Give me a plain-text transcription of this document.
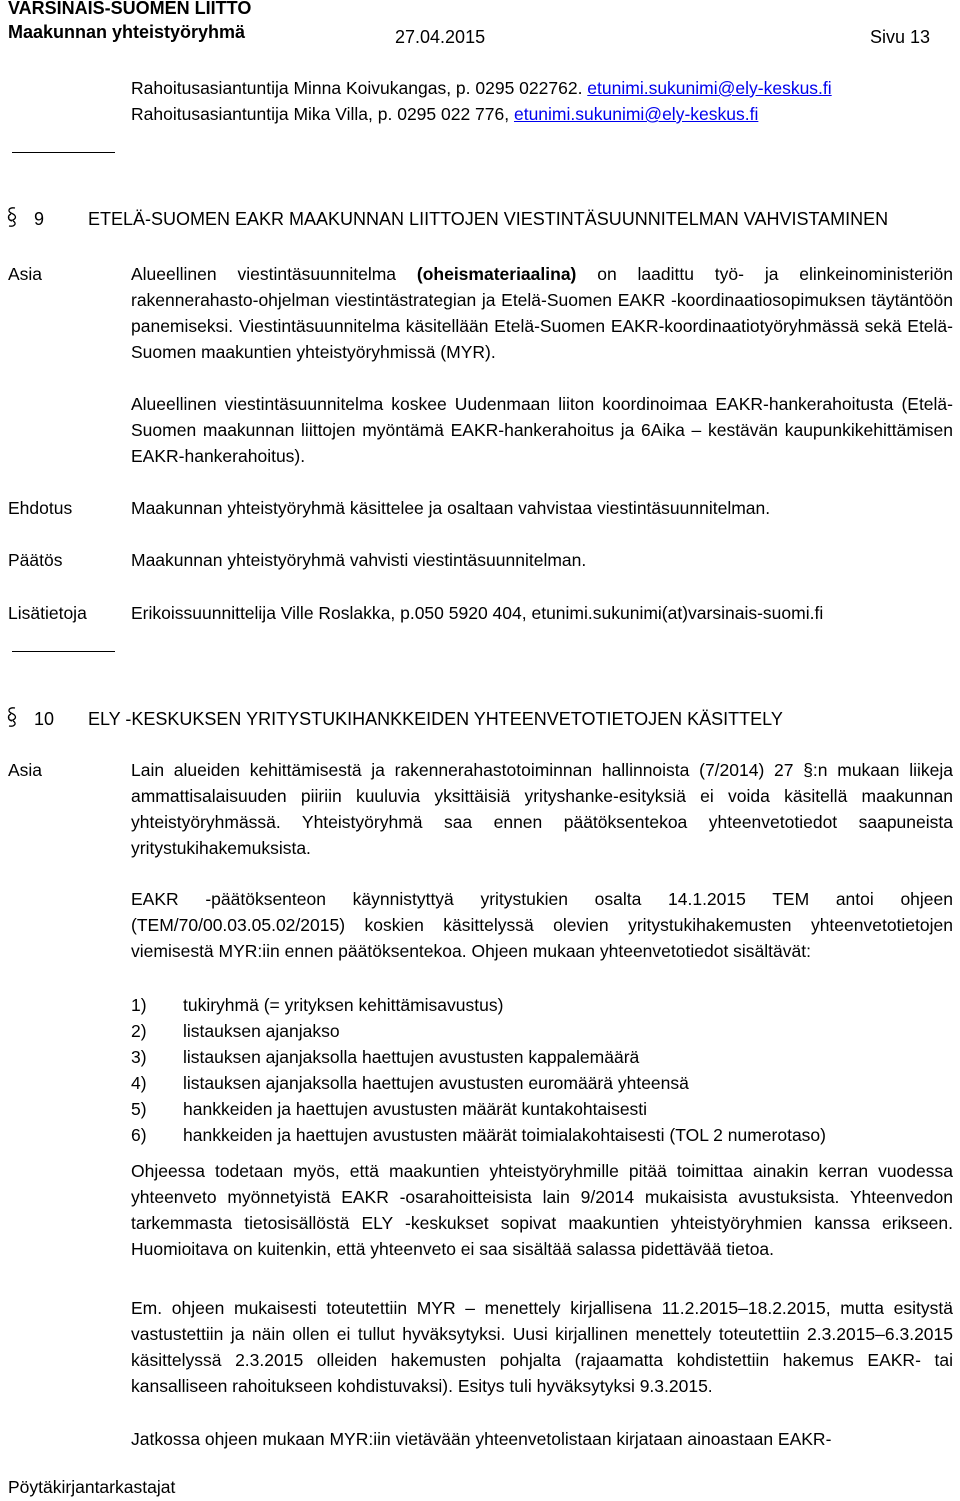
VARSINAIS-SUOMEN LIITTO
Maakunnan yhteistyöryhmä	27.04.2015	Sivu 13
Rahoitusasiantuntija Minna Koivukangas, p. 0295 022762. etunimi.sukunimi@ely-keskus.fi
Rahoitusasiantuntija Mika Villa, p. 0295 022 776, etunimi.sukunimi@ely-keskus.fi
9 ETELÄ-SUOMEN EAKR MAAKUNNAN LIITTOJEN VIESTINTÄSUUNNITELMAN VAHVISTAMINEN
Asia	Alueellinen viestintäsuunnitelma (oheismateriaalina) on laadittu työ- ja elinkeinoministeriön rakennerahasto-ohjelman viestintästrategian ja Etelä-Suomen EAKR -koordinaatiosopimuksen täytäntöön panemiseksi. Viestintäsuunnitelma käsitellään Etelä-Suomen EAKR-koordinaatiotyöryhmässä sekä Etelä-Suomen maakuntien yhteistyöryhmissä (MYR).

Alueellinen viestintäsuunnitelma koskee Uudenmaan liiton koordinoimaa EAKR-hankerahoitusta (Etelä-Suomen maakunnan liittojen myöntämä EAKR-hankerahoitus ja 6Aika – kestävän kaupunkikehittämisen EAKR-hankerahoitus).
Ehdotus	Maakunnan yhteistyöryhmä käsittelee ja osaltaan vahvistaa viestintäsuunnitelman.
Päätös	Maakunnan yhteistyöryhmä vahvisti viestintäsuunnitelman.
Lisätietoja	Erikoissuunnittelija Ville Roslakka, p.050 5920 404, etunimi.sukunimi(at)varsinais-suomi.fi
10 ELY -KESKUKSEN YRITYSTUKIHANKKEIDEN YHTEENVETOTIETOJEN KÄSITTELY
Asia	Lain alueiden kehittämisestä ja rakennerahastotoiminnan hallinnoista (7/2014) 27 §:n mukaan liikeja ammattisalaisuuden piiriin kuuluvia yksittäisiä yrityshanke-esityksiä ei voida käsitellä maakunnan yhteistyöryhmässä. Yhteistyöryhmä saa ennen päätöksentekoa yhteenvetotiedot saapuneista yritystukihakemuksista.
EAKR -päätöksenteon käynnistyttyä yritystukien osalta 14.1.2015 TEM antoi ohjeen (TEM/70/00.03.05.02/2015) koskien käsittelyssä olevien yritystukihakemusten yhteenvetotietojen viemisestä MYR:iin ennen päätöksentekoa. Ohjeen mukaan yhteenvetotiedot sisältävät:
1)	tukiryhmä (= yrityksen kehittämisavustus)
2)	listauksen ajanjakso
3)	listauksen ajanjaksolla haettujen avustusten kappalemäärä
4)	listauksen ajanjaksolla haettujen avustusten euromäärä yhteensä
5)	hankkeiden ja haettujen avustusten määrät kuntakohtaisesti
6)	hankkeiden ja haettujen avustusten määrät toimialakohtaisesti (TOL 2 numerotaso)
Ohjeessa todetaan myös, että maakuntien yhteistyöryhmille pitää toimittaa ainakin kerran vuodessa yhteenveto myönnetyistä EAKR -osarahoitteisista lain 9/2014 mukaisista avustuksista. Yhteenvedon tarkemmasta tietosisällöstä ELY -keskukset sopivat maakuntien yhteistyöryhmien kanssa erikseen. Huomioitava on kuitenkin, että yhteenveto ei saa sisältää salassa pidettävää tietoa.
Em. ohjeen mukaisesti toteutettiin MYR – menettely kirjallisena 11.2.2015–18.2.2015, mutta esitystä vastustettiin ja näin ollen ei tullut hyväksytyksi. Uusi kirjallinen menettely toteutettiin 2.3.2015–6.3.2015 käsittelyssä 2.3.2015 olleiden hakemusten pohjalta (rajaamatta kohdistettiin hakemus EAKR- tai kansalliseen rahoitukseen kohdistuvaksi). Esitys tuli hyväksytyksi 9.3.2015.
Jatkossa ohjeen mukaan MYR:iin vietävään yhteenvetolistaan kirjataan ainoastaan EAKR-
Pöytäkirjantarkastajat
